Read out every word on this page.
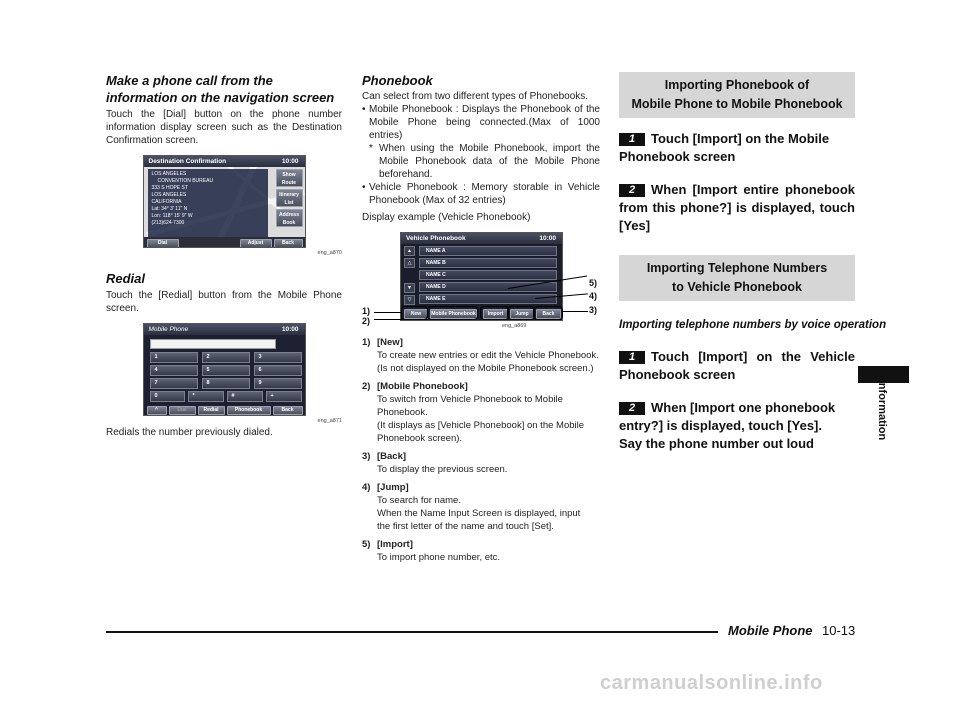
Make a phone call from the information on the navigation screen
Touch the [Dial] button on the phone number information display screen such as the Destination Confirmation screen.
Destination Confirmation	10:00
LOS ANGELES
CONVENTION BUREAU
333 S HOPE ST
LOS ANGELES
CALIFORNIA
Lat: 34° 3' 11" N
Lon: 118° 15' 9" W
(213)624-7300
Show Route
Itinerary List
Address Book
Dial	Adjust	Back
eng_a870
Redial
Touch the [Redial] button from the Mobile Phone screen.
Mobile Phone	10:00
1	2	3
4	5	6
7	8	9
0	*	#	+
^	Dial	Redial	Phonebook	Back
eng_a871
Redials the number previously dialed.
Phonebook
Can select from two different types of Phonebooks.
• Mobile Phonebook : Displays the Phonebook of the Mobile Phone being connected.(Max of 1000 entries)
* When using the Mobile Phonebook, import the Mobile Phonebook data of the Mobile Phone beforehand.
• Vehicle Phonebook : Memory storable in Vehicle Phonebook (Max of 32 entries)
Display example (Vehicle Phonebook)
Vehicle Phonebook	10:00
▲
△
▼
▽
NAME A
NAME B
NAME C
NAME D
NAME E
New	Mobile Phonebook	Import	Jump	Back
1)
2)
5)
4)
3)
eng_a869
1) [New]
To create new entries or edit the Vehicle Phonebook.
(Is not displayed on the Mobile Phonebook screen.)
2) [Mobile Phonebook]
To switch from Vehicle Phonebook to Mobile
Phonebook.
(It displays as [Vehicle Phonebook] on the Mobile
Phonebook screen).
3) [Back]
To display the previous screen.
4) [Jump]
To search for name.
When the Name Input Screen is displayed, input
the first letter of the name and touch [Set].
5) [Import]
To import phone number, etc.
Importing Phonebook of
Mobile Phone to Mobile Phonebook
1 Touch [Import] on the Mobile Phonebook screen
2 When [Import entire phonebook from this phone?] is displayed, touch [Yes]
Importing Telephone Numbers
to Vehicle Phonebook
Importing telephone numbers by voice operation
1 Touch [Import] on the Vehicle Phonebook screen
2 When [Import one phonebook entry?] is displayed, touch [Yes].
Say the phone number out loud
Information
Mobile Phone 10-13
carmanualsonline.info
